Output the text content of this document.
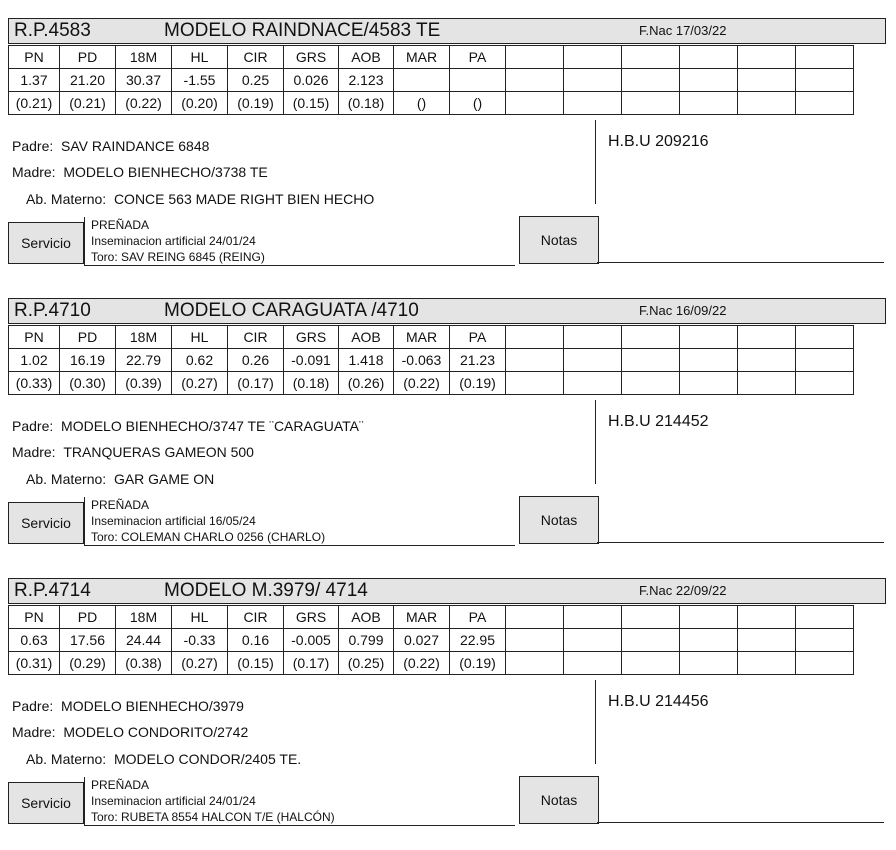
R.P.4583	MODELO RAINDNACE/4583 TE	F.Nac 17/03/22
PN	PD	18M	HL	CIR	GRS	AOB	MAR	PA						
1.37	21.20	30.37	-1.55	0.25	0.026	2.123								
(0.21)	(0.21)	(0.22)	(0.20)	(0.19)	(0.15)	(0.18)	()	()						
H.B.U 209216
Padre: SAV RAINDANCE 6848
Madre: MODELO BIENHECHO/3738 TE
Ab. Materno: CONCE 563 MADE RIGHT BIEN HECHO
Servicio
PREÑADA
Inseminacion artificial 24/01/24
Toro: SAV REING 6845 (REING)
Notas
R.P.4710	MODELO CARAGUATA /4710	F.Nac 16/09/22
PN	PD	18M	HL	CIR	GRS	AOB	MAR	PA						
1.02	16.19	22.79	0.62	0.26	-0.091	1.418	-0.063	21.23						
(0.33)	(0.30)	(0.39)	(0.27)	(0.17)	(0.18)	(0.26)	(0.22)	(0.19)						
H.B.U 214452
Padre: MODELO BIENHECHO/3747 TE ¨CARAGUATA¨
Madre: TRANQUERAS GAMEON 500
Ab. Materno: GAR GAME ON
Servicio
PREÑADA
Inseminacion artificial 16/05/24
Toro: COLEMAN CHARLO 0256 (CHARLO)
Notas
R.P.4714	MODELO M.3979/ 4714	F.Nac 22/09/22
PN	PD	18M	HL	CIR	GRS	AOB	MAR	PA						
0.63	17.56	24.44	-0.33	0.16	-0.005	0.799	0.027	22.95						
(0.31)	(0.29)	(0.38)	(0.27)	(0.15)	(0.17)	(0.25)	(0.22)	(0.19)						
H.B.U 214456
Padre: MODELO BIENHECHO/3979
Madre: MODELO CONDORITO/2742
Ab. Materno: MODELO CONDOR/2405 TE.
Servicio
PREÑADA
Inseminacion artificial 24/01/24
Toro: RUBETA 8554 HALCON T/E (HALCÓN)
Notas
